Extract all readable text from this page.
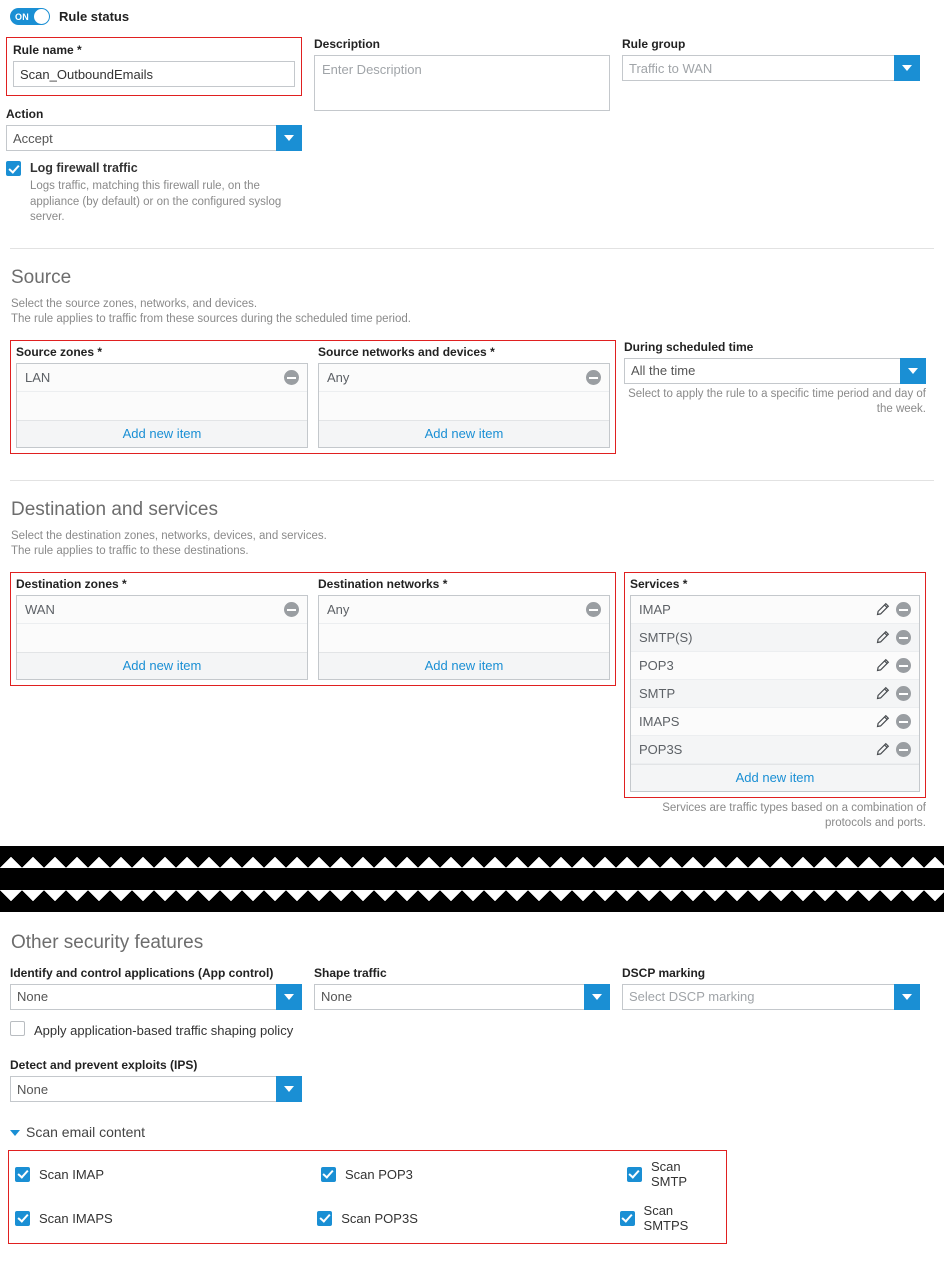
ON Rule status
Rule name *
Scan_OutboundEmails
Action
Accept
Log firewall traffic
Logs traffic, matching this firewall rule, on the appliance (by default) or on the configured syslog server.
Description
Enter Description
Rule group
Traffic to WAN
Source
Select the source zones, networks, and devices.
The rule applies to traffic from these sources during the scheduled time period.
Source zones *
LAN
Add new item
Source networks and devices *
Any
Add new item
During scheduled time
All the time
Select to apply the rule to a specific time period and day of the week.
Destination and services
Select the destination zones, networks, devices, and services.
The rule applies to traffic to these destinations.
Destination zones *
WAN
Add new item
Destination networks *
Any
Add new item
Services *
IMAP
SMTP(S)
POP3
SMTP
IMAPS
POP3S
Add new item
Services are traffic types based on a combination of protocols and ports.
Other security features
Identify and control applications (App control)
None
Apply application-based traffic shaping policy
Detect and prevent exploits (IPS)
None
Shape traffic
None
DSCP marking
Select DSCP marking
Scan email content
Scan IMAP	Scan POP3	Scan SMTP
Scan IMAPS	Scan POP3S	Scan SMTPS
